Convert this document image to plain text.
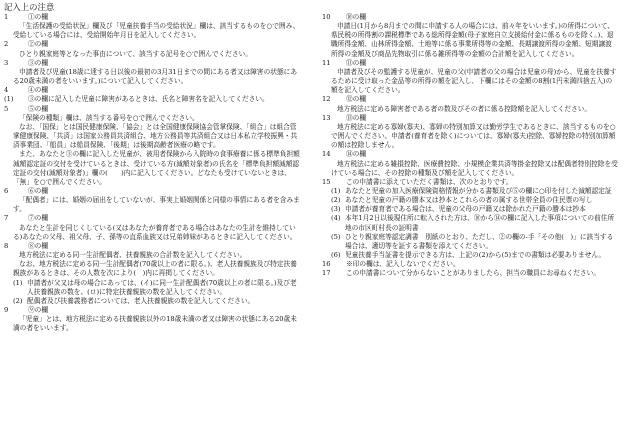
記入上の注意
1	①の欄

「生活保護の受給状況」欄及び「児童扶養手当の受給状況」欄は、該当するものを○で囲み、受給している場合には、受給開始年月日を記入してください。

2	②の欄

ひとり親家庭等となった事由について、該当する記号を○で囲んでください。

3	③の欄

申請者及び児童(18歳に達する日以後の最初の3月31日までの間にある者又は障害の状態にある20歳未満の者をいいます。)について記入してください。

4	④の欄
(1)	③の欄に記入した児童に障害があるときは、氏名と障害名を記入してください。
5	⑤の欄

「保険の種類」欄は、該当する番号を○で囲んでください。

なお、「国保」とは国民健康保険、「協会」とは全国健康保険協会管掌保険、「組合」は組合管掌健康保険、「共済」は国家公務員共済組合、地方公務員等共済組合又は日本私立学校振興・共済事業団、「船員」は船員保険、「後期」は後期高齢者医療の略です。

また、あなたと③の欄に記入した児童が、被用者保険から入院時の食事療養に係る標準負担額減額認定証の交付を受けているときは、受けている方(減額対象者)の氏名を「標準負担額減額認定証の交付(減額対象者)」欄の(　　)内に記入してください。どなたも受けていないときは、「無」を○で囲んでください。

6	⑥の欄

「配偶者」には、婚姻の届出をしていないが、事実上婚姻関係と同様の事情にある者を含みます。

7	⑦の欄

あなたと生計を同じくしている(又はあなたが養育者である場合はあなたの生計を維持している)あなたの父母、祖父母、子、孫等の直系血族又は兄弟姉妹があるときに記入してください。

8	⑧の欄

地方税法に定める同一生計配偶者、扶養親族の合計数を記入してください。

なお、地方税法に定める同一生計配偶者(70歳以上の者に限る。)、老人扶養親族及び特定扶養親族があるときは、その人数を次により(　)内に再掲してください。

(1) 申請者が父又は母の場合にあっては、(イ)に同一生計配偶者(70歳以上の者に限る。)及び老人扶養親族の数を、(ロ)に特定扶養親族の数を記入してください。
(2) 配偶者及び扶養義務者については、老人扶養親族の数を記入してください。
9	⑨の欄

「児童」とは、地方税法に定める扶養親族以外の18歳未満の者又は障害の状態にある20歳未満の者をいいます。

10	⑩の欄

申請日(1月から8月までの間に申請する人の場合には、前々年をいいます。)の所得について、県民税の所得割の課税標準である総所得金額(母子家庭自立支援給付金に係るものを除く。)、退職所得金額、山林所得金額、土地等に係る事業所得等の金額、長期譲渡所得の金額、短期譲渡所得の金額及び商品先物取引に係る雑所得等の金額の合計額を記入してください。

11	⑪の欄

申請者及びその監護する児童が、児童の父(申請者の父の場合は児童の母)から、児童を扶養するために受け取った金品等の所得の額を記入し、下欄にはその金額の8割(1円未満四捨五入)の額を記入してください。

12	⑫の欄

地方税法に定める障害者である者の数及びその者に係る控除額を記入してください。

13	⑬の欄

地方税法に定める寡婦(寡夫)、寡婦の特別加算又は勤労学生であるときに、該当するものを○で囲んでください。申請者(養育者を除く)については、寡婦(寡夫)控除、寡婦控除の特別加算額の額は控除しません。

14	⑭の欄

地方税法に定める雑損控除、医療費控除、小規模企業共済等掛金控除又は配偶者特別控除を受けている場合に、その控除の種類及び額を記入してください。

15	この申請書に添えていただく書類は、次のとおりです。
(1) あなたと児童の加入医療保険資格情報が分かる書類及び⑤の欄に○印を付した減額認定証
(2) あなたと児童の戸籍の謄本又は抄本とこれらの者の属する世帯全員の住民票の写し
(3) 申請者が養育者である場合は、児童の父母の戸籍又は除かれた戸籍の謄本は抄本
(4) 本年1月2日以後現住所に転入された方は、⑩から⑭の欄に記入した事項についての前住所地の市区町村長の証明書
(5) ひとり親家庭等認定調書　別紙のとおり、ただし、②の欄の-手「その他(　)」に該当する場合は、適切等を証する書類を添えてください。
(6) 児童扶養手当証書を提示できる方は、上記の(2)から(5)までの書類は必要ありません。
16	※印の欄は、記入しないでください。
17	この申請書について分からないことがありましたら、担当の職員にお尋ねください。
